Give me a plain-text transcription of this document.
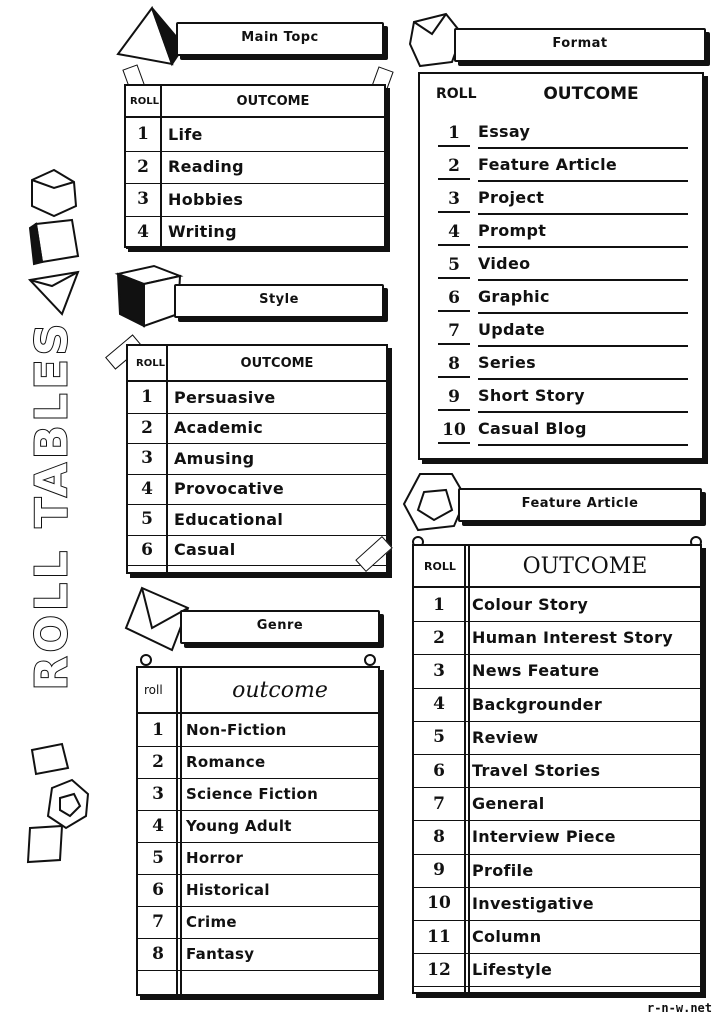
ROLL TABLES
Main Topc
ROLL	OUTCOME
1	Life
2	Reading
3	Hobbies
4	Writing
Style
ROLL	OUTCOME
1	Persuasive
2	Academic
3	Amusing
4	Provocative
5	Educational
6	Casual
Genre
roll	outcome
1	Non-Fiction
2	Romance
3	Science Fiction
4	Young Adult
5	Horror
6	Historical
7	Crime
8	Fantasy
Format
ROLL	OUTCOME
1	Essay
2	Feature Article
3	Project
4	Prompt
5	Video
6	Graphic
7	Update
8	Series
9	Short Story
10 Casual Blog
Feature Article
ROLL	OUTCOME
1	Colour Story
2	Human Interest Story
3	News Feature
4	Backgrounder
5	Review
6	Travel Stories
7	General
8	Interview Piece
9	Profile
10	Investigative
11	Column
12	Lifestyle
r-n-w.net
